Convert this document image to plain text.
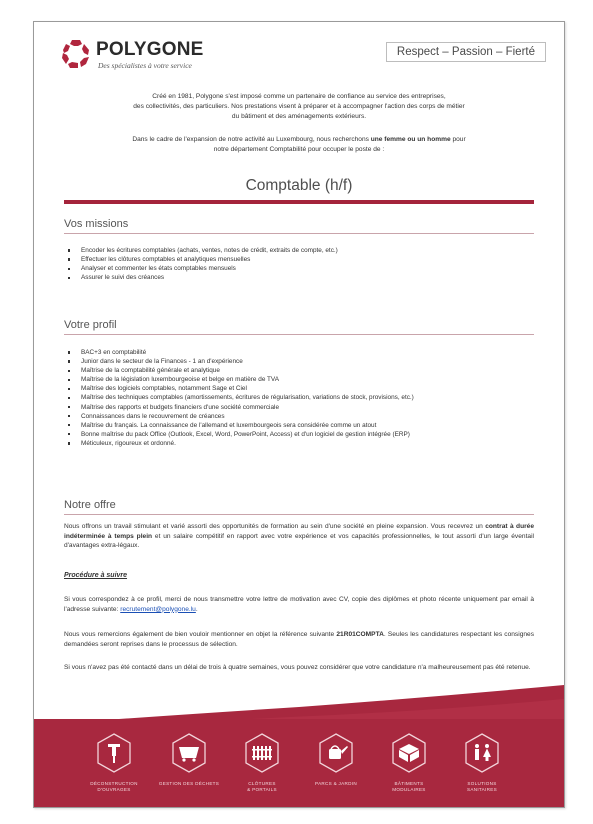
POLYGONE
Des spécialistes à votre service
Respect – Passion – Fierté
Créé en 1981, Polygone s'est imposé comme un partenaire de confiance au service des entreprises,
des collectivités, des particuliers. Nos prestations visent à préparer et à accompagner l'action des corps de métier
du bâtiment et des aménagements extérieurs.
Dans le cadre de l'expansion de notre activité au Luxembourg, nous recherchons une femme ou un homme pour
notre département Comptabilité pour occuper le poste de :
Comptable (h/f)
Vos missions
Encoder les écritures comptables (achats, ventes, notes de crédit, extraits de compte, etc.)
Effectuer les clôtures comptables et analytiques mensuelles
Analyser et commenter les états comptables mensuels
Assurer le suivi des créances
Votre profil
BAC+3 en comptabilité
Junior dans le secteur de la Finances - 1 an d'expérience
Maîtrise de la comptabilité générale et analytique
Maîtrise de la législation luxembourgeoise et belge en matière de TVA
Maîtrise des logiciels comptables, notamment Sage et Ciel
Maîtrise des techniques comptables (amortissements, écritures de régularisation, variations de stock, provisions, etc.)
Maîtrise des rapports et budgets financiers d'une société commerciale
Connaissances dans le recouvrement de créances
Maîtrise du français. La connaissance de l'allemand et luxembourgeois sera considérée comme un atout
Bonne maîtrise du pack Office (Outlook, Excel, Word, PowerPoint, Access) et d'un logiciel de gestion intégrée (ERP)
Méticuleux, rigoureux et ordonné.
Notre offre
Nous offrons un travail stimulant et varié assorti des opportunités de formation au sein d'une société en pleine expansion. Vous recevrez un contrat à durée indéterminée à temps plein et un salaire compétitif en rapport avec votre expérience et vos capacités professionnelles, le tout assorti d'un large éventail d'avantages extra-légaux.
Procédure à suivre
Si vous correspondez à ce profil, merci de nous transmettre votre lettre de motivation avec CV, copie des diplômes et photo récente uniquement par email à l'adresse suivante: recrutement@polygone.lu.
Nous vous remercions également de bien vouloir mentionner en objet la référence suivante 21R01COMPTA. Seules les candidatures respectant les consignes demandées seront reprises dans le processus de sélection.
Si vous n'avez pas été contacté dans un délai de trois à quatre semaines, vous pouvez considérer que votre candidature n'a malheureusement pas été retenue.
DÉCONSTRUCTION
D'OUVRAGES
GESTION DES DÉCHETS	CLÔTURES
& PORTAILS
PARCS & JARDIN	BÂTIMENTS
MODULAIRES
SOLUTIONS
SANITAIRES
